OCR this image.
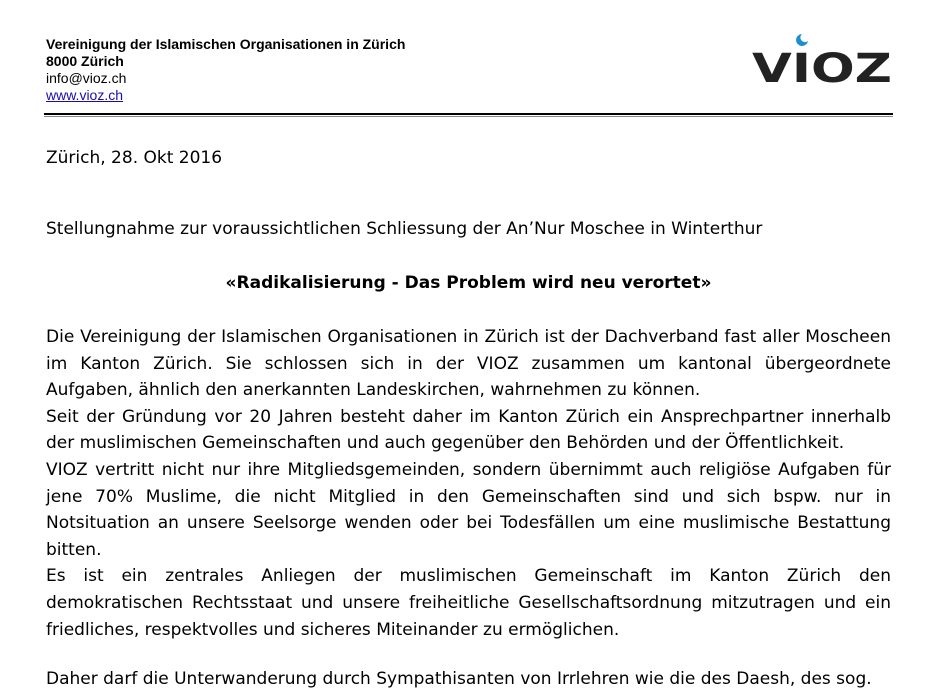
Vereinigung der Islamischen Organisationen in Zürich
8000 Zürich
info@vioz.ch
www.vioz.ch
VIOZ
Zürich, 28. Okt 2016
Stellungnahme zur voraussichtlichen Schliessung der An’Nur Moschee in Winterthur
«Radikalisierung - Das Problem wird neu verortet»

Die Vereinigung der Islamischen Organisationen in Zürich ist der Dachverband fast aller Moscheen im Kanton Zürich. Sie schlossen sich in der VIOZ zusammen um kantonal übergeordnete Aufgaben, ähnlich den anerkannten Landeskirchen, wahrnehmen zu können.

Seit der Gründung vor 20 Jahren besteht daher im Kanton Zürich ein Ansprechpartner innerhalb der muslimischen Gemeinschaften und auch gegenüber den Behörden und der Öffentlichkeit.

VIOZ vertritt nicht nur ihre Mitgliedsgemeinden, sondern übernimmt auch religiöse Aufgaben für jene 70% Muslime, die nicht Mitglied in den Gemeinschaften sind und sich bspw. nur in Notsituation an unsere Seelsorge wenden oder bei Todesfällen um eine muslimische Bestattung bitten.

Es ist ein zentrales Anliegen der muslimischen Gemeinschaft im Kanton Zürich den demokratischen Rechtsstaat und unsere freiheitliche Gesellschaftsordnung mitzutragen und ein friedliches, respektvolles und sicheres Miteinander zu ermöglichen.

Daher darf die Unterwanderung durch Sympathisanten von Irrlehren wie die des Daesh, des sog.
